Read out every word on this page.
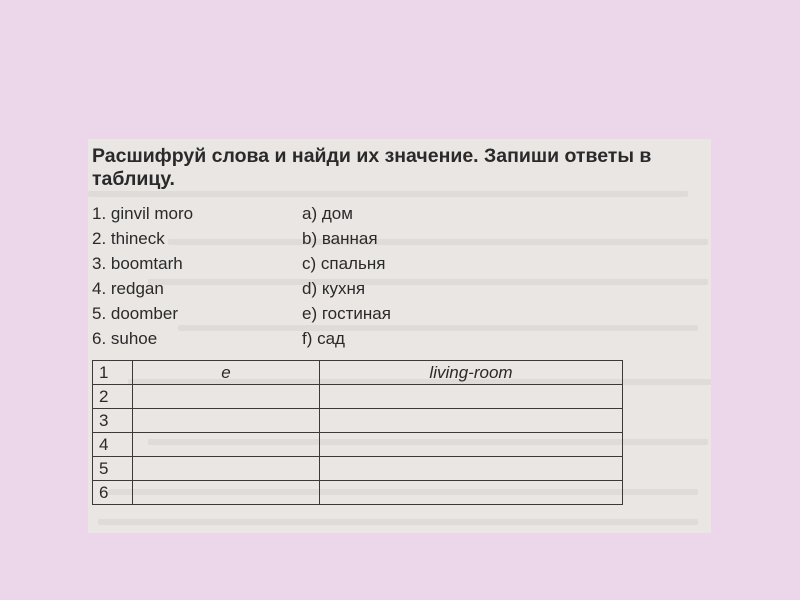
Расшифруй слова и найди их значение. Запиши ответы в таблицу.

1. ginvil moro
2. thineck
3. boomtarh
4. redgan
5. doomber
6. suhoe
a) дом
b) ванная
c) спальня
d) кухня
e) гостиная
f) сад
1	e	living-room
2		
3		
4		
5		
6		
